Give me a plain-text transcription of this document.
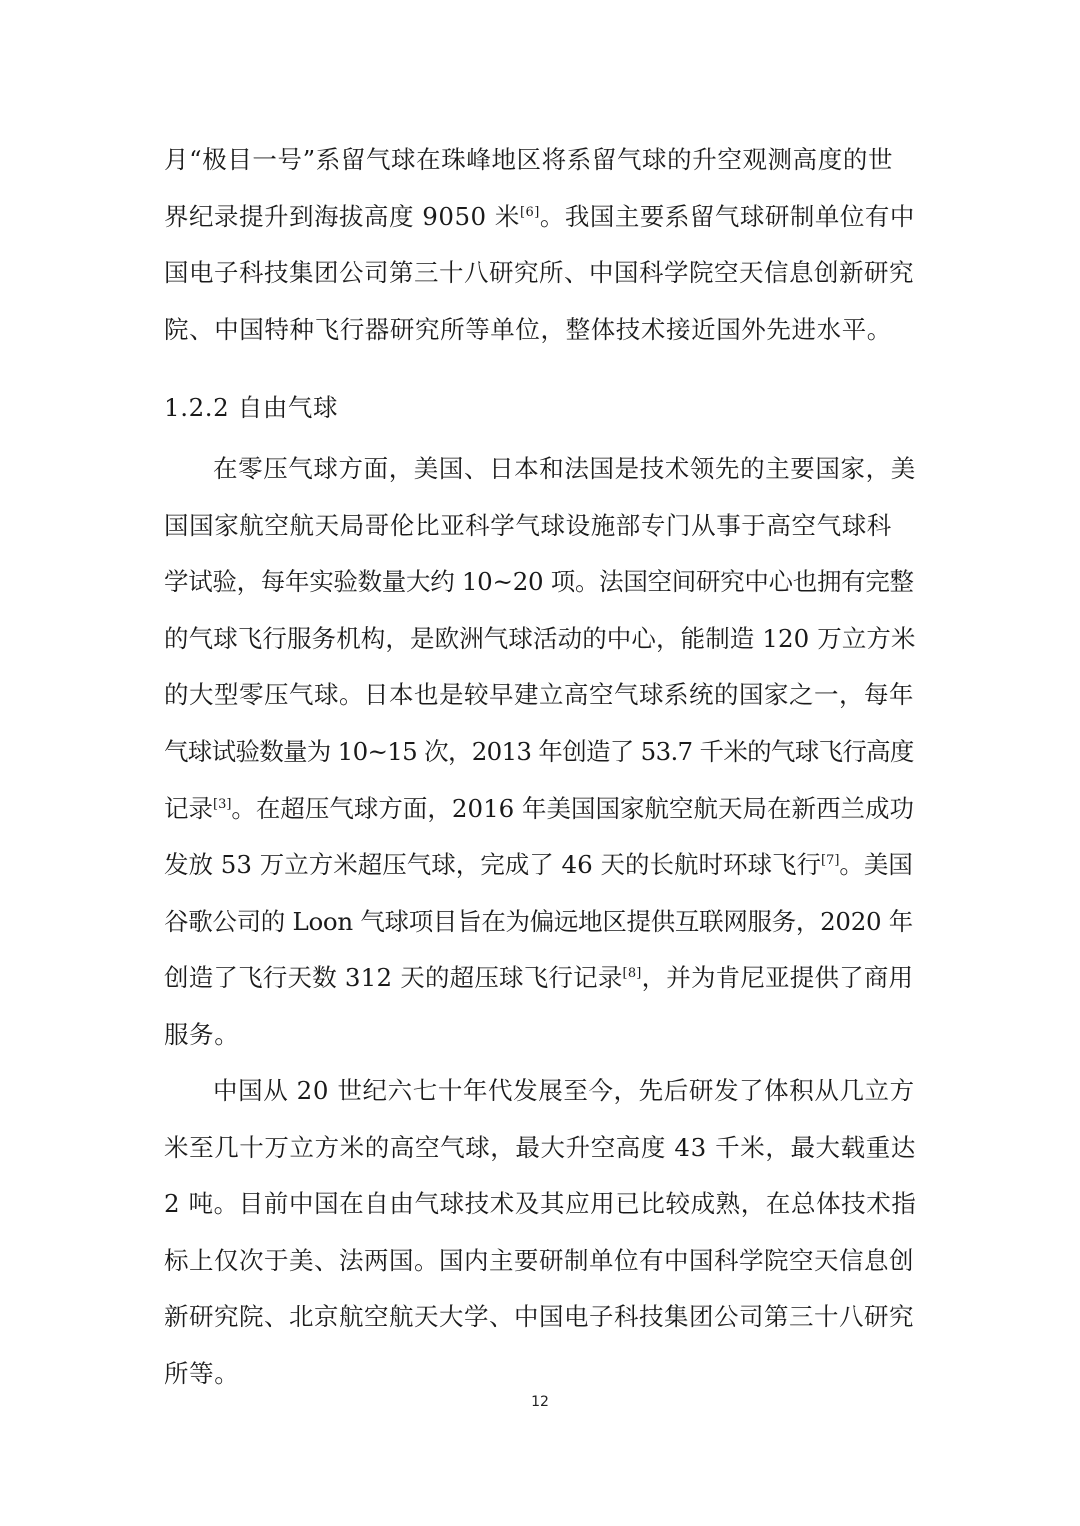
月“极目一号”系留气球在珠峰地区将系留气球的升空观测高度的世
界纪录提升到海拔高度 9050 米[6]。我国主要系留气球研制单位有中
国电子科技集团公司第三十八研究所、中国科学院空天信息创新研究
院、中国特种飞行器研究所等单位，整体技术接近国外先进水平。
1.2.2 自由气球
在零压气球方面，美国、日本和法国是技术领先的主要国家，美
国国家航空航天局哥伦比亚科学气球设施部专门从事于高空气球科
学试验，每年实验数量大约 10~20 项。法国空间研究中心也拥有完整
的气球飞行服务机构，是欧洲气球活动的中心，能制造 120 万立方米
的大型零压气球。日本也是较早建立高空气球系统的国家之一，每年
气球试验数量为 10~15 次，2013 年创造了 53.7 千米的气球飞行高度
记录[3]。在超压气球方面，2016 年美国国家航空航天局在新西兰成功
发放 53 万立方米超压气球，完成了 46 天的长航时环球飞行[7]。美国
谷歌公司的 Loon 气球项目旨在为偏远地区提供互联网服务，2020 年
创造了飞行天数 312 天的超压球飞行记录[8]，并为肯尼亚提供了商用
服务。
中国从 20 世纪六七十年代发展至今，先后研发了体积从几立方
米至几十万立方米的高空气球，最大升空高度 43 千米，最大载重达
2 吨。目前中国在自由气球技术及其应用已比较成熟，在总体技术指
标上仅次于美、法两国。国内主要研制单位有中国科学院空天信息创
新研究院、北京航空航天大学、中国电子科技集团公司第三十八研究
所等。
12
